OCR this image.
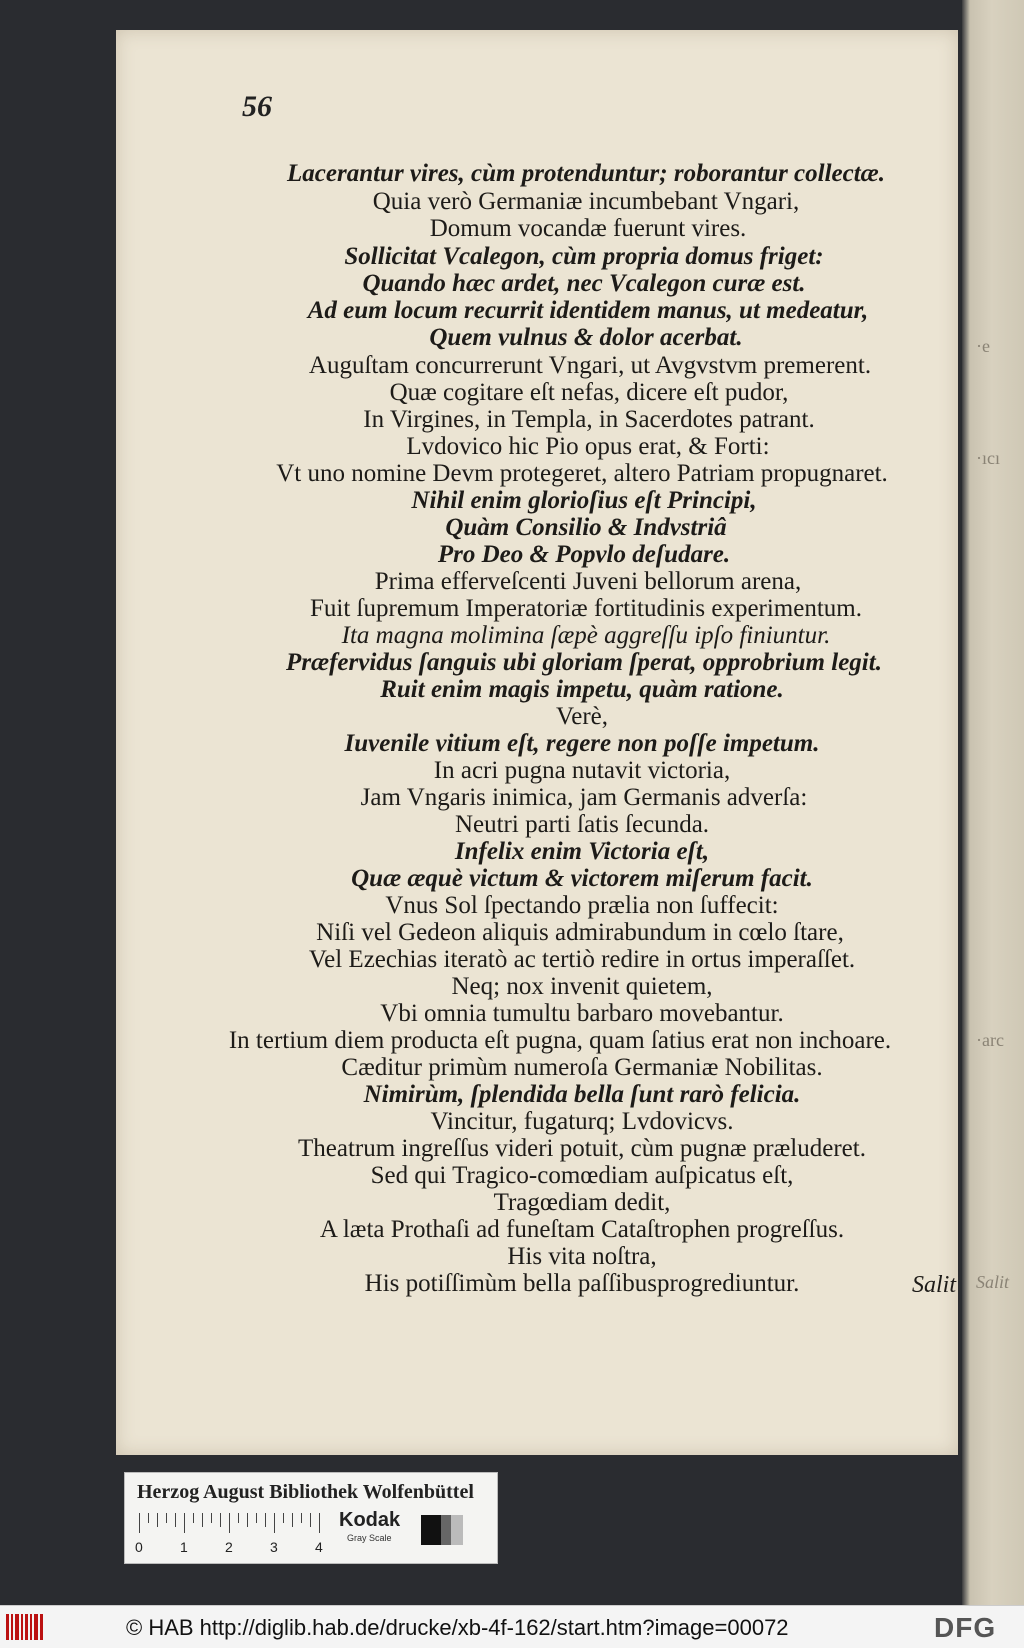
·e
·ıcı
·arc
Salit
56
Lacerantur vires, cùm protenduntur; roborantur collectæ.
Quia verò Germaniæ incumbebant Vngari,
Domum vocandæ fuerunt vires.
Sollicitat Vcalegon, cùm propria domus friget:
Quando hæc ardet, nec Vcalegon curæ est.
Ad eum locum recurrit identidem manus, ut medeatur,
Quem vulnus & dolor acerbat.
Auguſtam concurrerunt Vngari, ut Avgvstvm premerent.
Quæ cogitare eſt nefas, dicere eſt pudor,
In Virgines, in Templa, in Sacerdotes patrant.
Lvdovico hic Pio opus erat, & Forti:
Vt uno nomine Devm protegeret, altero Patriam propugnaret.
Nihil enim glorioſius eſt Principi,
Quàm Consilio & Indvstriâ
Pro Deo & Popvlo deſudare.
Prima efferveſcenti Juveni bellorum arena,
Fuit ſupremum Imperatoriæ fortitudinis experimentum.
Ita magna molimina ſæpè aggreſſu ipſo finiuntur.
Præfervidus ſanguis ubi gloriam ſperat, opprobrium legit.
Ruit enim magis impetu, quàm ratione.
Verè,
Iuvenile vitium eſt, regere non poſſe impetum.
In acri pugna nutavit victoria,
Jam Vngaris inimica, jam Germanis adverſa:
Neutri parti ſatis ſecunda.
Infelix enim Victoria eſt,
Quæ æquè victum & victorem miſerum facit.
Vnus Sol ſpectando prælia non ſuffecit:
Niſi vel Gedeon aliquis admirabundum in cœlo ſtare,
Vel Ezechias iteratò ac tertiò redire in ortus imperaſſet.
Neq; nox invenit quietem,
Vbi omnia tumultu barbaro movebantur.
In tertium diem producta eſt pugna, quam ſatius erat non inchoare.
Cæditur primùm numeroſa Germaniæ Nobilitas.
Nimirùm, ſplendida bella ſunt rarò felicia.
Vincitur, fugaturq; Lvdovicvs.
Theatrum ingreſſus videri potuit, cùm pugnæ præluderet.
Sed qui Tragico-comœdiam auſpicatus eſt,
Tragœdiam dedit,
A læta Prothaſi ad funeſtam Cataſtrophen progreſſus.
His vita noſtra,
His potiſſimùm bella paſſibusprogrediuntur.	Salit
Herzog August Bibliothek Wolfenbüttel
0	1	2	3	4
Kodak
Gray Scale
© HAB http://diglib.hab.de/drucke/xb-4f-162/start.htm?image=00072	DFG
